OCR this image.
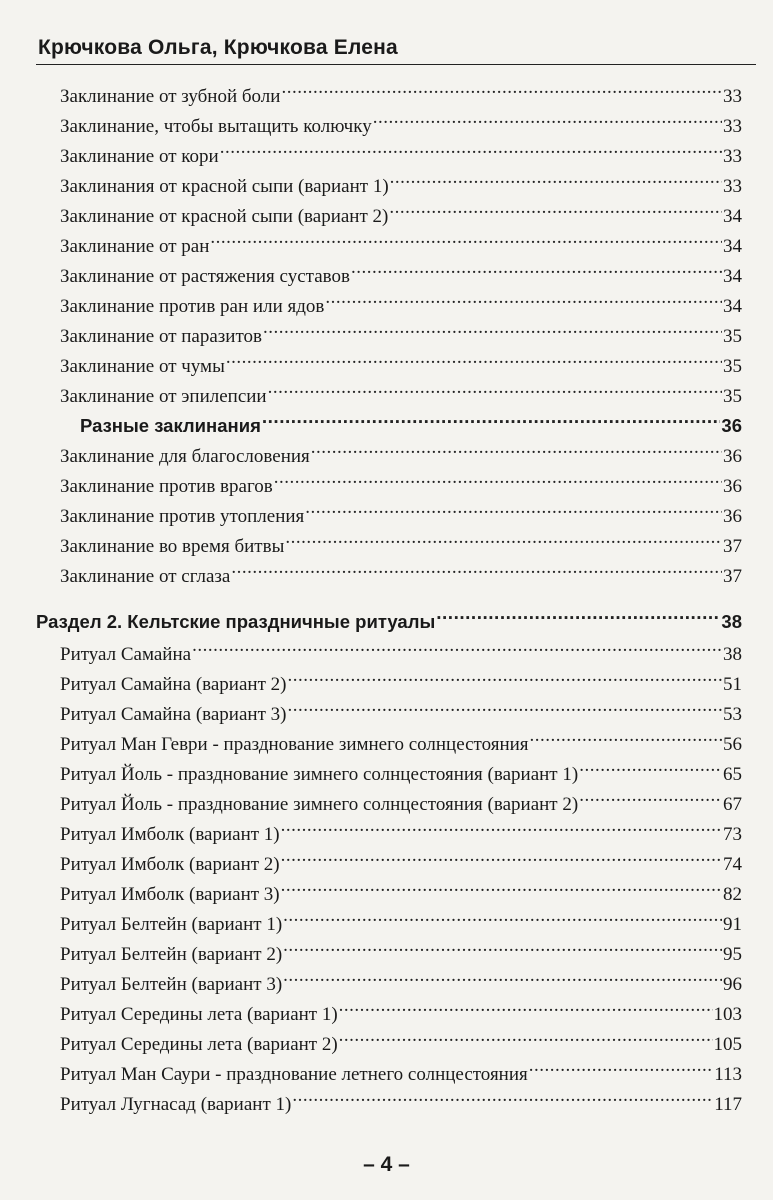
Крючкова Ольга, Крючкова Елена
Заклинание от зубной боли .....	33
Заклинание, чтобы вытащить колючку .....	33
Заклинание от кори .....	33
Заклинания от красной сыпи (вариант 1) .....	33
Заклинание от красной сыпи (вариант 2) .....	34
Заклинание от ран .....	34
Заклинание от растяжения суставов .....	34
Заклинание против ран или ядов .....	34
Заклинание от паразитов .....	35
Заклинание от чумы .....	35
Заклинание от эпилепсии .....	35
Разные заклинания .....	36
Заклинание для благословения .....	36
Заклинание против врагов .....	36
Заклинание против утопления .....	36
Заклинание во время битвы .....	37
Заклинание от сглаза .....	37
Раздел 2. Кельтские праздничные ритуалы .....	38
Ритуал Самайна .....	38
Ритуал Самайна (вариант 2) .....	51
Ритуал Самайна (вариант 3) .....	53
Ритуал Ман Геври - празднование зимнего солнцестояния .....	56
Ритуал Йоль - празднование зимнего солнцестояния (вариант 1) .....	65
Ритуал Йоль - празднование зимнего солнцестояния (вариант 2) .....	67
Ритуал Имболк (вариант 1) .....	73
Ритуал Имболк (вариант 2) .....	74
Ритуал Имболк (вариант 3) .....	82
Ритуал Белтейн (вариант 1) .....	91
Ритуал Белтейн (вариант 2) .....	95
Ритуал Белтейн (вариант 3) .....	96
Ритуал Середины лета (вариант 1) .....	103
Ритуал Середины лета (вариант 2) .....	105
Ритуал Ман Саури - празднование летнего солнцестояния .....	113
Ритуал Лугнасад (вариант 1) .....	117
– 4 –
